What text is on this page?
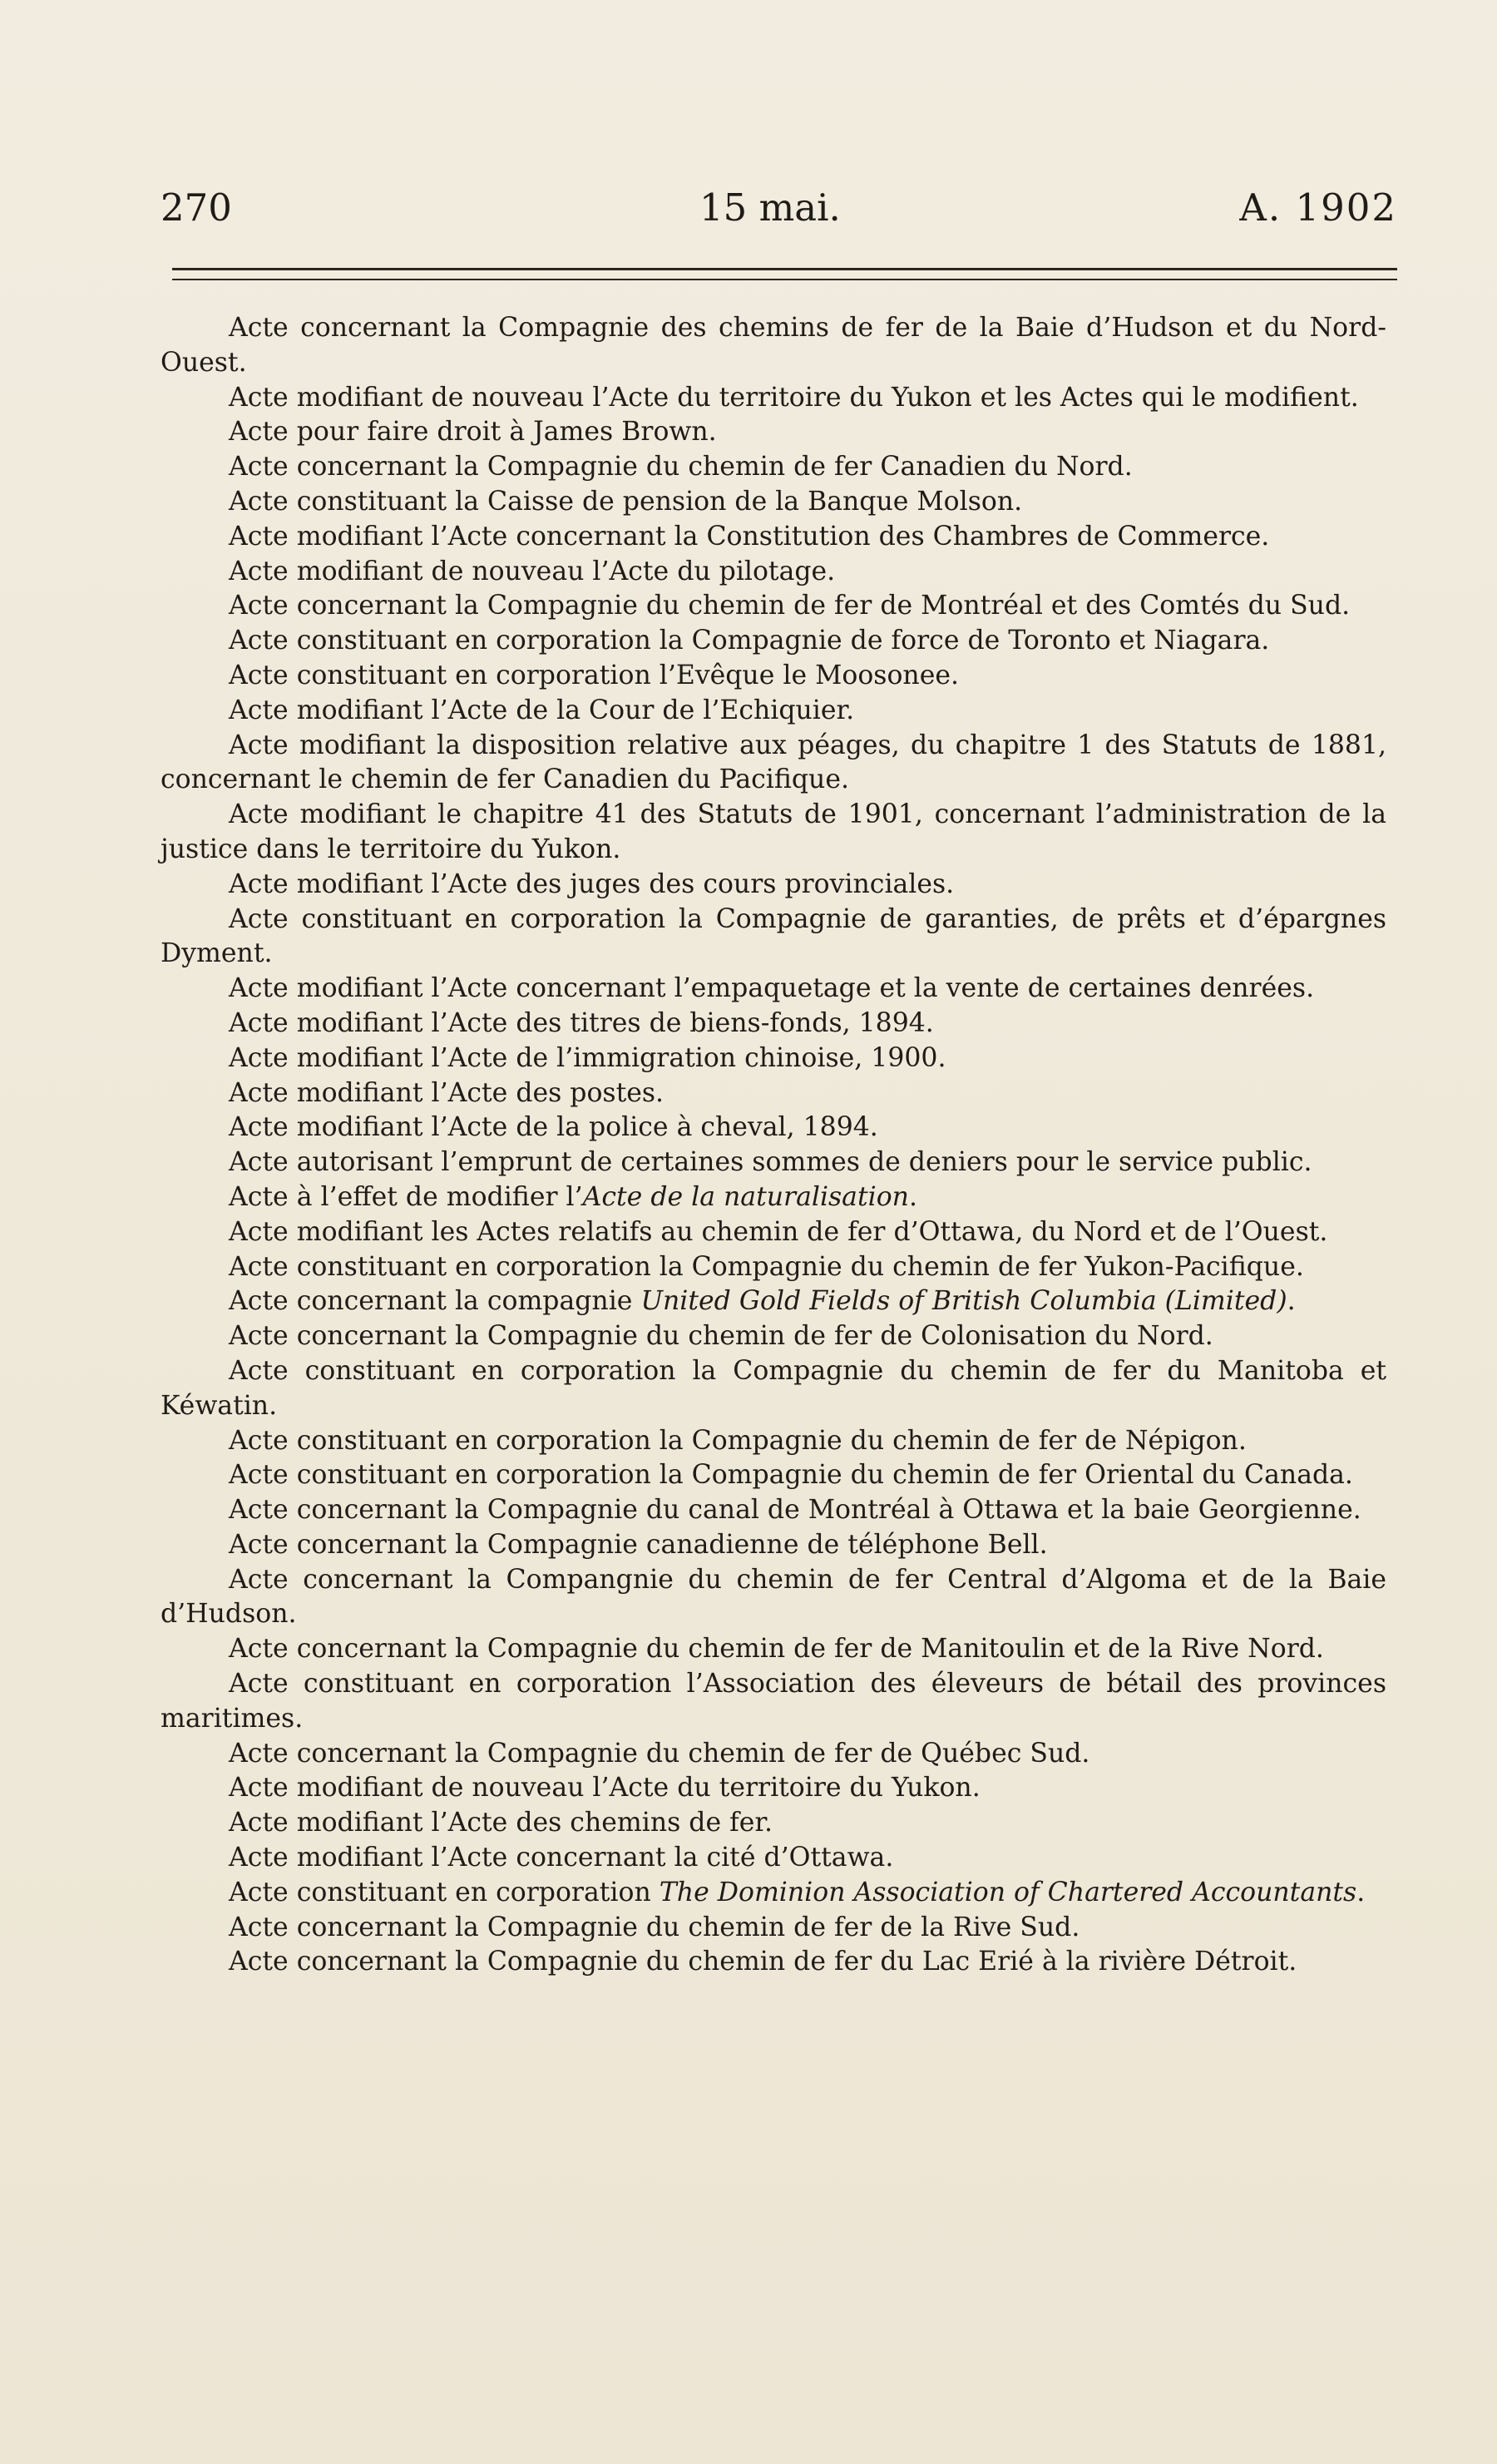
270	15 mai.	A. 1902
Acte concernant la Compagnie des chemins de fer de la Baie d’Hudson et du Nord-Ouest.
Acte modifiant de nouveau l’Acte du territoire du Yukon et les Actes qui le modifient.
Acte pour faire droit à James Brown.
Acte concernant la Compagnie du chemin de fer Canadien du Nord.
Acte constituant la Caisse de pension de la Banque Molson.
Acte modifiant l’Acte concernant la Constitution des Chambres de Commerce.
Acte modifiant de nouveau l’Acte du pilotage.
Acte concernant la Compagnie du chemin de fer de Montréal et des Comtés du Sud.
Acte constituant en corporation la Compagnie de force de Toronto et Niagara.
Acte constituant en corporation l’Evêque le Moosonee.
Acte modifiant l’Acte de la Cour de l’Echiquier.
Acte modifiant la disposition relative aux péages, du chapitre 1 des Statuts de 1881, concernant le chemin de fer Canadien du Pacifique.
Acte modifiant le chapitre 41 des Statuts de 1901, concernant l’administration de la justice dans le territoire du Yukon.
Acte modifiant l’Acte des juges des cours provinciales.
Acte constituant en corporation la Compagnie de garanties, de prêts et d’épargnes Dyment.
Acte modifiant l’Acte concernant l’empaquetage et la vente de certaines denrées.
Acte modifiant l’Acte des titres de biens-fonds, 1894.
Acte modifiant l’Acte de l’immigration chinoise, 1900.
Acte modifiant l’Acte des postes.
Acte modifiant l’Acte de la police à cheval, 1894.
Acte autorisant l’emprunt de certaines sommes de deniers pour le service public.
Acte à l’effet de modifier l’Acte de la naturalisation.
Acte modifiant les Actes relatifs au chemin de fer d’Ottawa, du Nord et de l’Ouest.
Acte constituant en corporation la Compagnie du chemin de fer Yukon-Pacifique.
Acte concernant la compagnie United Gold Fields of British Columbia (Limited).
Acte concernant la Compagnie du chemin de fer de Colonisation du Nord.
Acte constituant en corporation la Compagnie du chemin de fer du Manitoba et Kéwatin.
Acte constituant en corporation la Compagnie du chemin de fer de Népigon.
Acte constituant en corporation la Compagnie du chemin de fer Oriental du Canada.
Acte concernant la Compagnie du canal de Montréal à Ottawa et la baie Georgienne.
Acte concernant la Compagnie canadienne de téléphone Bell.
Acte concernant la Compangnie du chemin de fer Central d’Algoma et de la Baie d’Hudson.
Acte concernant la Compagnie du chemin de fer de Manitoulin et de la Rive Nord.
Acte constituant en corporation l’Association des éleveurs de bétail des provinces maritimes.
Acte concernant la Compagnie du chemin de fer de Québec Sud.
Acte modifiant de nouveau l’Acte du territoire du Yukon.
Acte modifiant l’Acte des chemins de fer.
Acte modifiant l’Acte concernant la cité d’Ottawa.
Acte constituant en corporation The Dominion Association of Chartered Accountants.
Acte concernant la Compagnie du chemin de fer de la Rive Sud.
Acte concernant la Compagnie du chemin de fer du Lac Erié à la rivière Détroit.
